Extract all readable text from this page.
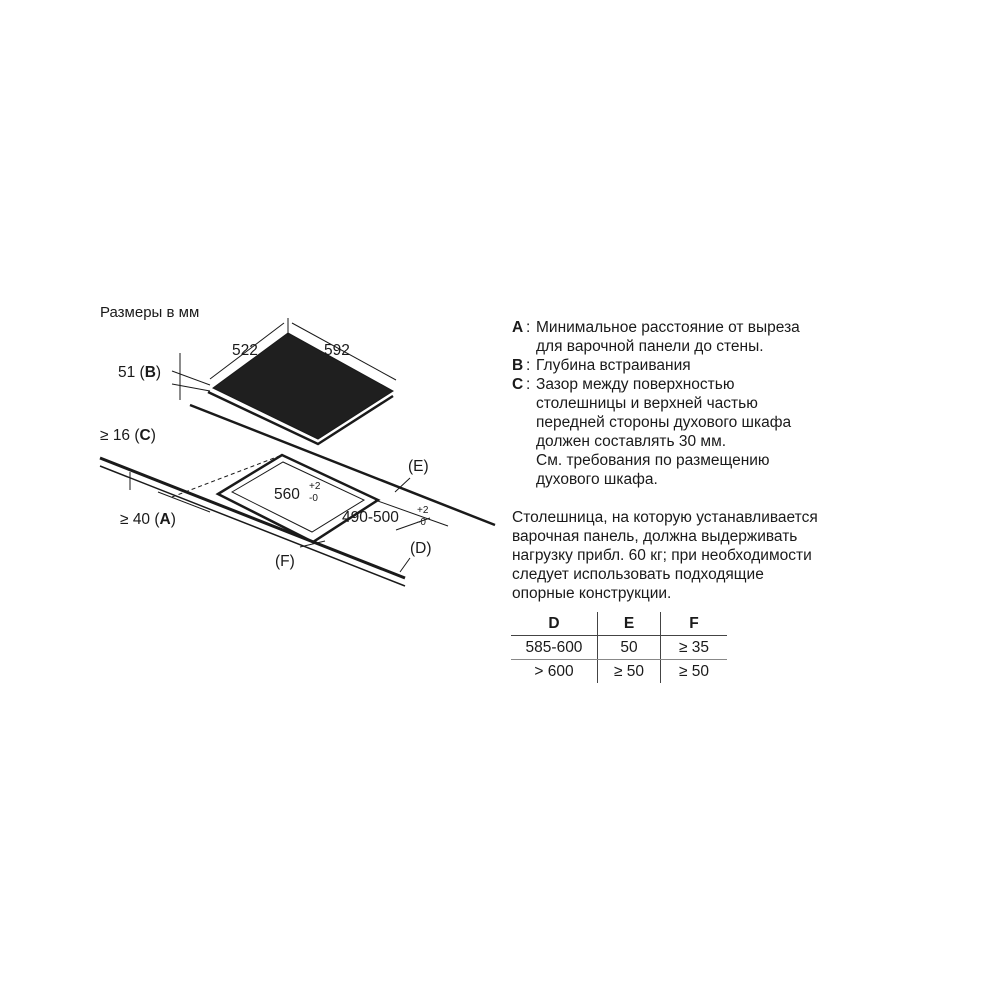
Размеры в мм
522	592
51 (B)
≥ 16 (C)
560 +2
-0
490-500 +2
-0
≥ 40 (A)
(E)
(F)
(D)
A : Минимальное расстояние от выреза
для варочной панели до стены.
B : Глубина встраивания
C : Зазор между поверхностью
столешницы и верхней частью
передней стороны духового шкафа
должен составлять 30 мм.
См. требования по размещению
духового шкафа.
Столешница, на которую устанавливается
варочная панель, должна выдерживать
нагрузку прибл. 60 кг; при необходимости
следует использовать подходящие
опорные конструкции.
D	E	F
585-600	50	≥ 35
> 600	≥ 50	≥ 50
